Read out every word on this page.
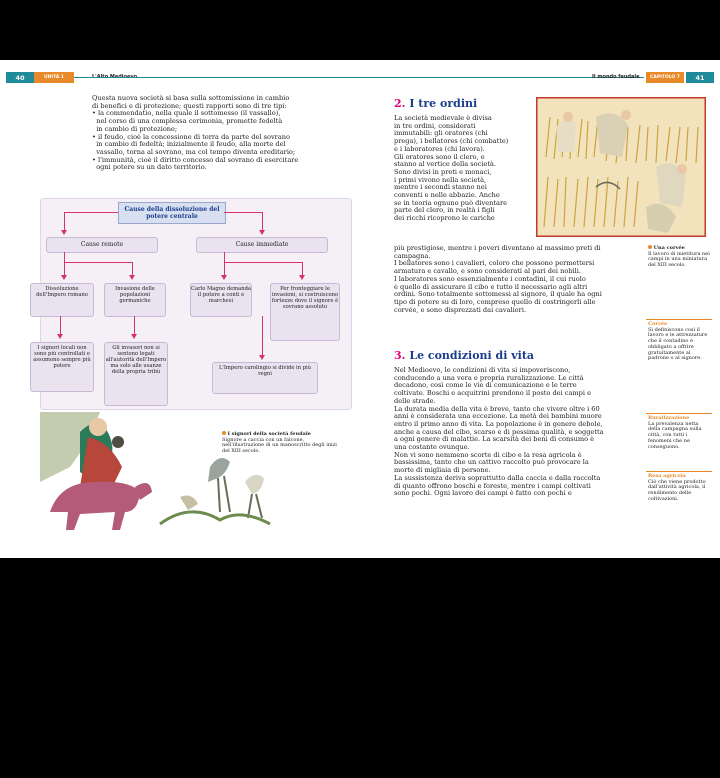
40	UNITÀ 1	Il mondo feudale	CAPITOLO 7	41

Questa nuova società si basa sulla sottomissione in cambio

di benefici e di protezione; questi rapporti sono di tre tipi:

• la commendatio, nella quale il sottomesso (il vassallo),

nel corso di una complessa cerimonia, promette fedeltà

in cambio di protezione;

• il feudo, cioè la concessione di terra da parte del sovrano

in cambio di fedeltà; inizialmente il feudo, alla morte del

vassallo, torna al sovrano, ma col tempo diventa ereditario;

• l'immunità, cioè il diritto concesso dal sovrano di esercitare

ogni potere su un dato territorio.

Cause della dissoluzione del potere centrale
Cause remote	Cause immediate
Dissoluzione dell'Impero romano
Invasione delle popolazioni germaniche
Carlo Magno demanda il potere a conti e marchesi
Per fronteggiare le invasioni, si costruiscono fortezze dove il signore è sovrano assoluto
I signori locali non sono più controllati e assumono sempre più potere
Gli invasori non si sentono legati all'autorità dell'Impero ma solo alle usanze della propria tribù
L'Impero carolingio si divide in più regni
I signori della società feudale
Signore a caccia con un falcone, nell'illustrazione di un manoscritto degli inizi del XIII secolo.
2. I tre ordini

La società medievale è divisa

in tre ordini, considerati

immutabili: gli oratores (chi

prega), i bellatores (chi combatte)

e i laboratores (chi lavora).

Gli oratores sono il clero, e

stanno al vertice della società.

Sono divisi in preti e monaci,

i primi vivono nella società,

mentre i secondi stanno nei

conventi e nelle abbazie. Anche

se in teoria ognuno può diventare

parte del clero, in realtà i figli

dei ricchi ricoprono le cariche

più prestigiose, mentre i poveri diventano al massimo preti di

campagna.

I bellatores sono i cavalieri, coloro che possono permettersi

armatura e cavallo, e sono considerati al pari dei nobili.

I laboratores sono essenzialmente i contadini, il cui ruolo

è quello di assicurare il cibo e tutto il necessario agli altri

ordini. Sono totalmente sottomessi al signore, il quale ha ogni

tipo di potere su di loro, compreso quello di costringerli alle

corvée, e sono disprezzati dai cavalieri.

Una corvée
Il lavoro di mietitura nei campi in una miniatura del XIII secolo.
3. Le condizioni di vita

Nel Medioevo, le condizioni di vita si impoveriscono,

conducendo a una vera e propria ruralizzazione. Le città

decadono, così come le vie di comunicazione e le terre

coltivate. Boschi e acquitrini prendono il posto dei campi e

delle strade.

La durata media della vita è breve, tanto che vivere oltre i 60

anni è considerata una eccezione. La metà dei bambini muore

entro il primo anno di vita. La popolazione è in genere debole,

anche a causa del cibo, scarso e di pessima qualità, e soggetta

a ogni genere di malattie. La scarsità dei beni di consumo è

una costante ovunque.

Non vi sono nemmeno scorte di cibo e la resa agricola è

bassissima, tanto che un cattivo raccolto può provocare la

morte di migliaia di persone.

La sussistenza deriva soprattutto dalla caccia e dalla raccolta

di quanto offrono boschi e foreste, mentre i campi coltivati

sono pochi. Ogni lavoro dei campi è fatto con pochi e

Corvée
Si definiscono così il lavoro e le attrezzature che il contadino è obbligato a offrire gratuitamente al padrone o al signore.
Ruralizzazione
La prevalenza netta della campagna sulla città, con tutti i fenomeni che ne conseguono.
Resa agricola
Ciò che viene prodotto dall'attività agricola, il rendimento delle coltivazioni.
